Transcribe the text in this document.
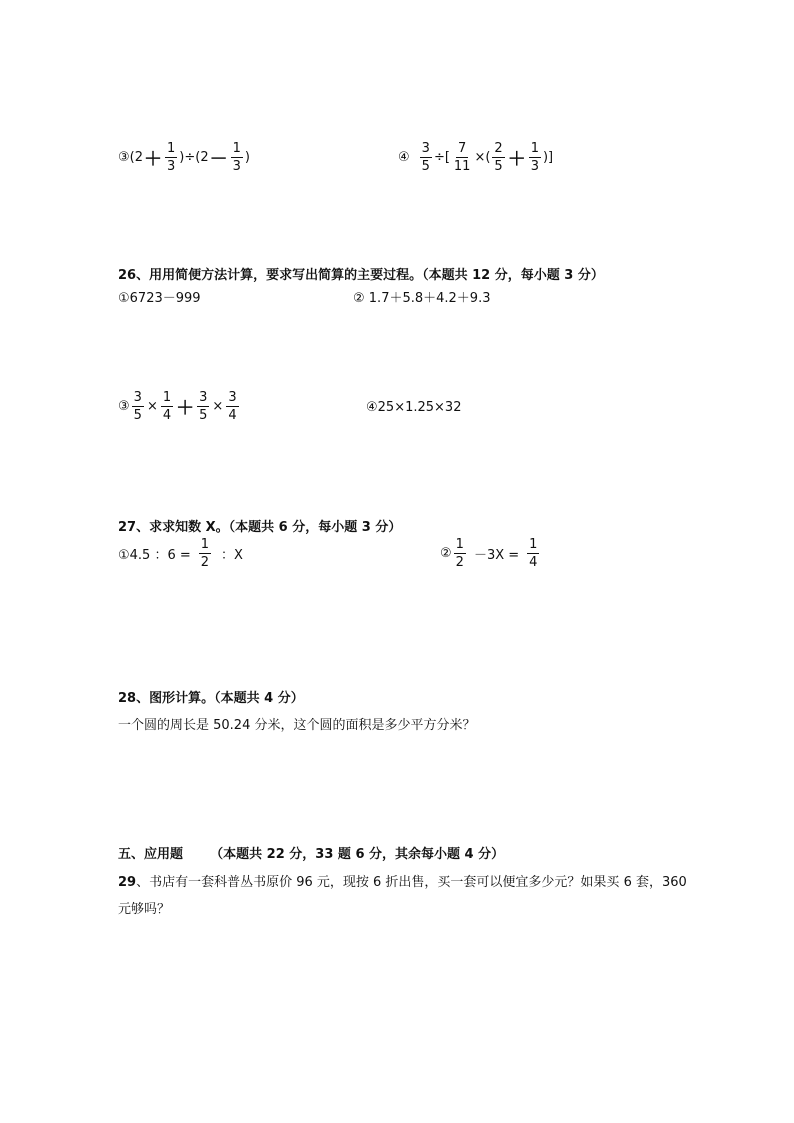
③ $(2 + \frac{1}{3} )\div(2 - \frac{1}{3}$ )	④ $\frac{3}{5}$ ÷[ $\frac{7}{11}$ ×( $\frac{2}{5} + \frac{1}{3}$ )]
26、用用简便方法计算，要求写出简算的主要过程。（本题共 12 分，每小题 3 分）
①6723－999	② 1.7＋5.8＋4.2＋9.3
③ $\frac{3}{5} \times \frac{1}{4} + \frac{3}{5} \times \frac{3}{4}$	④25×1.25×32
27、求求知数 X。（本题共 6 分，每小题 3 分）
①4.5 ：$6 = \frac{1}{2}$ ：X	② $\frac{1}{2} -3X = \frac{1}{4}$
28、图形计算。（本题共 4 分）
一个圆的周长是 50.24 分米，这个圆的面积是多少平方分米？
五、应用题      （本题共 22 分，33 题 6 分，其余每小题 4 分）
29、书店有一套科普丛书原价 96 元，现按 6 折出售，买一套可以便宜多少元？如果买 6 套，360
元够吗？
